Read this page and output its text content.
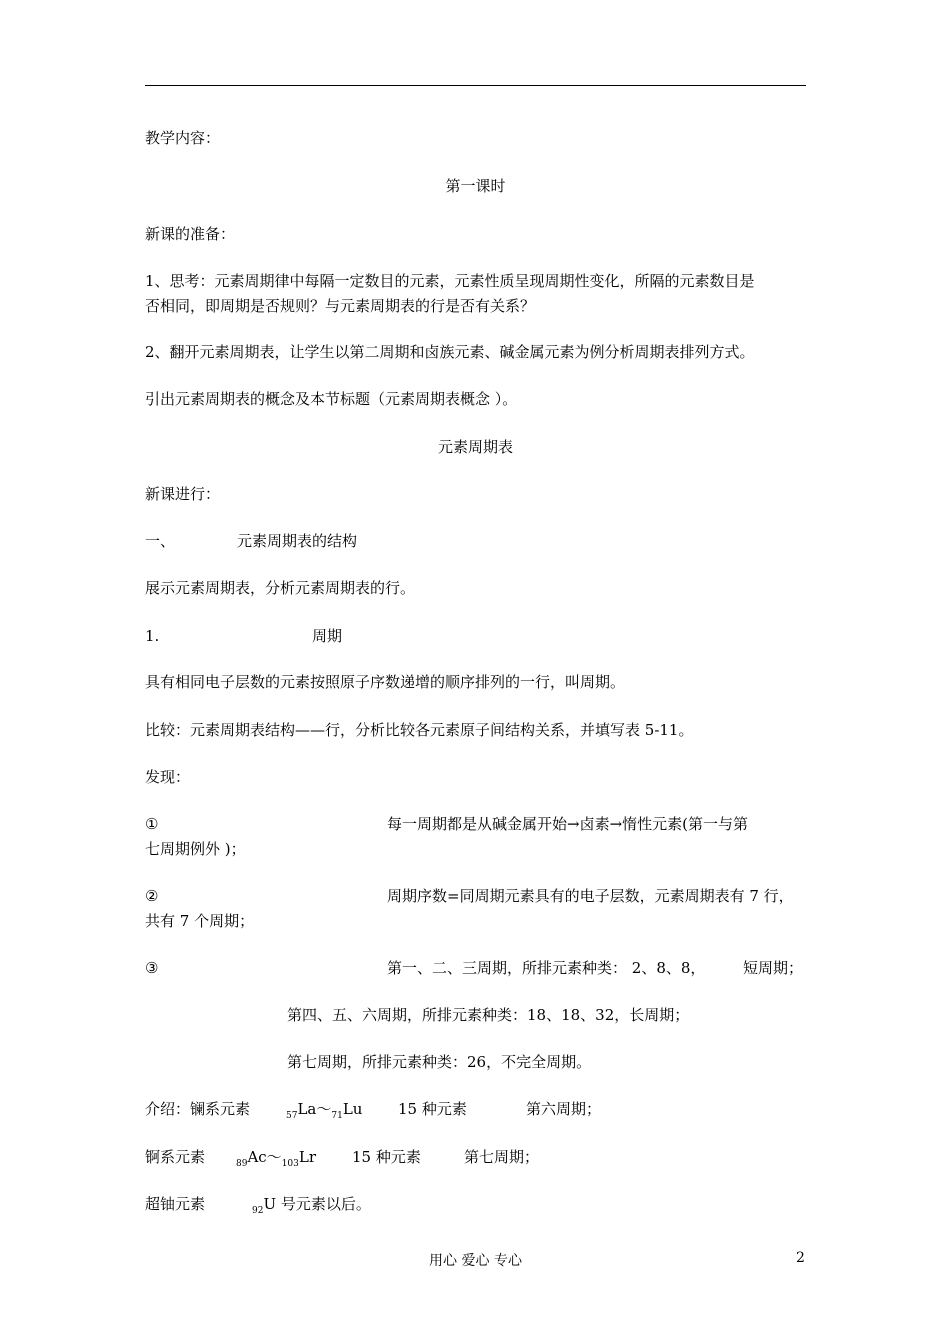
教学内容：
第一课时
新课的准备：
1、思考：元素周期律中每隔一定数目的元素，元素性质呈现周期性变化，所隔的元素数目是
否相同，即周期是否规则？与元素周期表的行是否有关系？
2、翻开元素周期表，让学生以第二周期和卤族元素、碱金属元素为例分析周期表排列方式。
引出元素周期表的概念及本节标题（元素周期表概念 ）。
元素周期表
新课进行：
一、	元素周期表的结构
展示元素周期表，分析元素周期表的行。
1.	周期
具有相同电子层数的元素按照原子序数递增的顺序排列的一行，叫周期。
比较：元素周期表结构——行，分析比较各元素原子间结构关系，并填写表 5-11。
发现：
①	每一周期都是从碱金属开始→卤素→惰性元素(第一与第
七周期例外 )；
②	周期序数=同周期元素具有的电子层数，元素周期表有 7 行，
共有 7 个周期；
③	第一、二、三周期，所排元素种类： 2、8、8，	短周期；
第四、五、六周期，所排元素种类：18、18、32，长周期；
第七周期，所排元素种类：26，不完全周期。
介绍：镧系元素	$_{57}La\sim_{71}Lu$ 15 种元素	第六周期；
锕系元素	$_{89}Ac\sim_{103}Lr$ 15 种元素	第七周期；
超铀元素	$_{92}$U 号元素以后。
用心 爱心 专心	2
